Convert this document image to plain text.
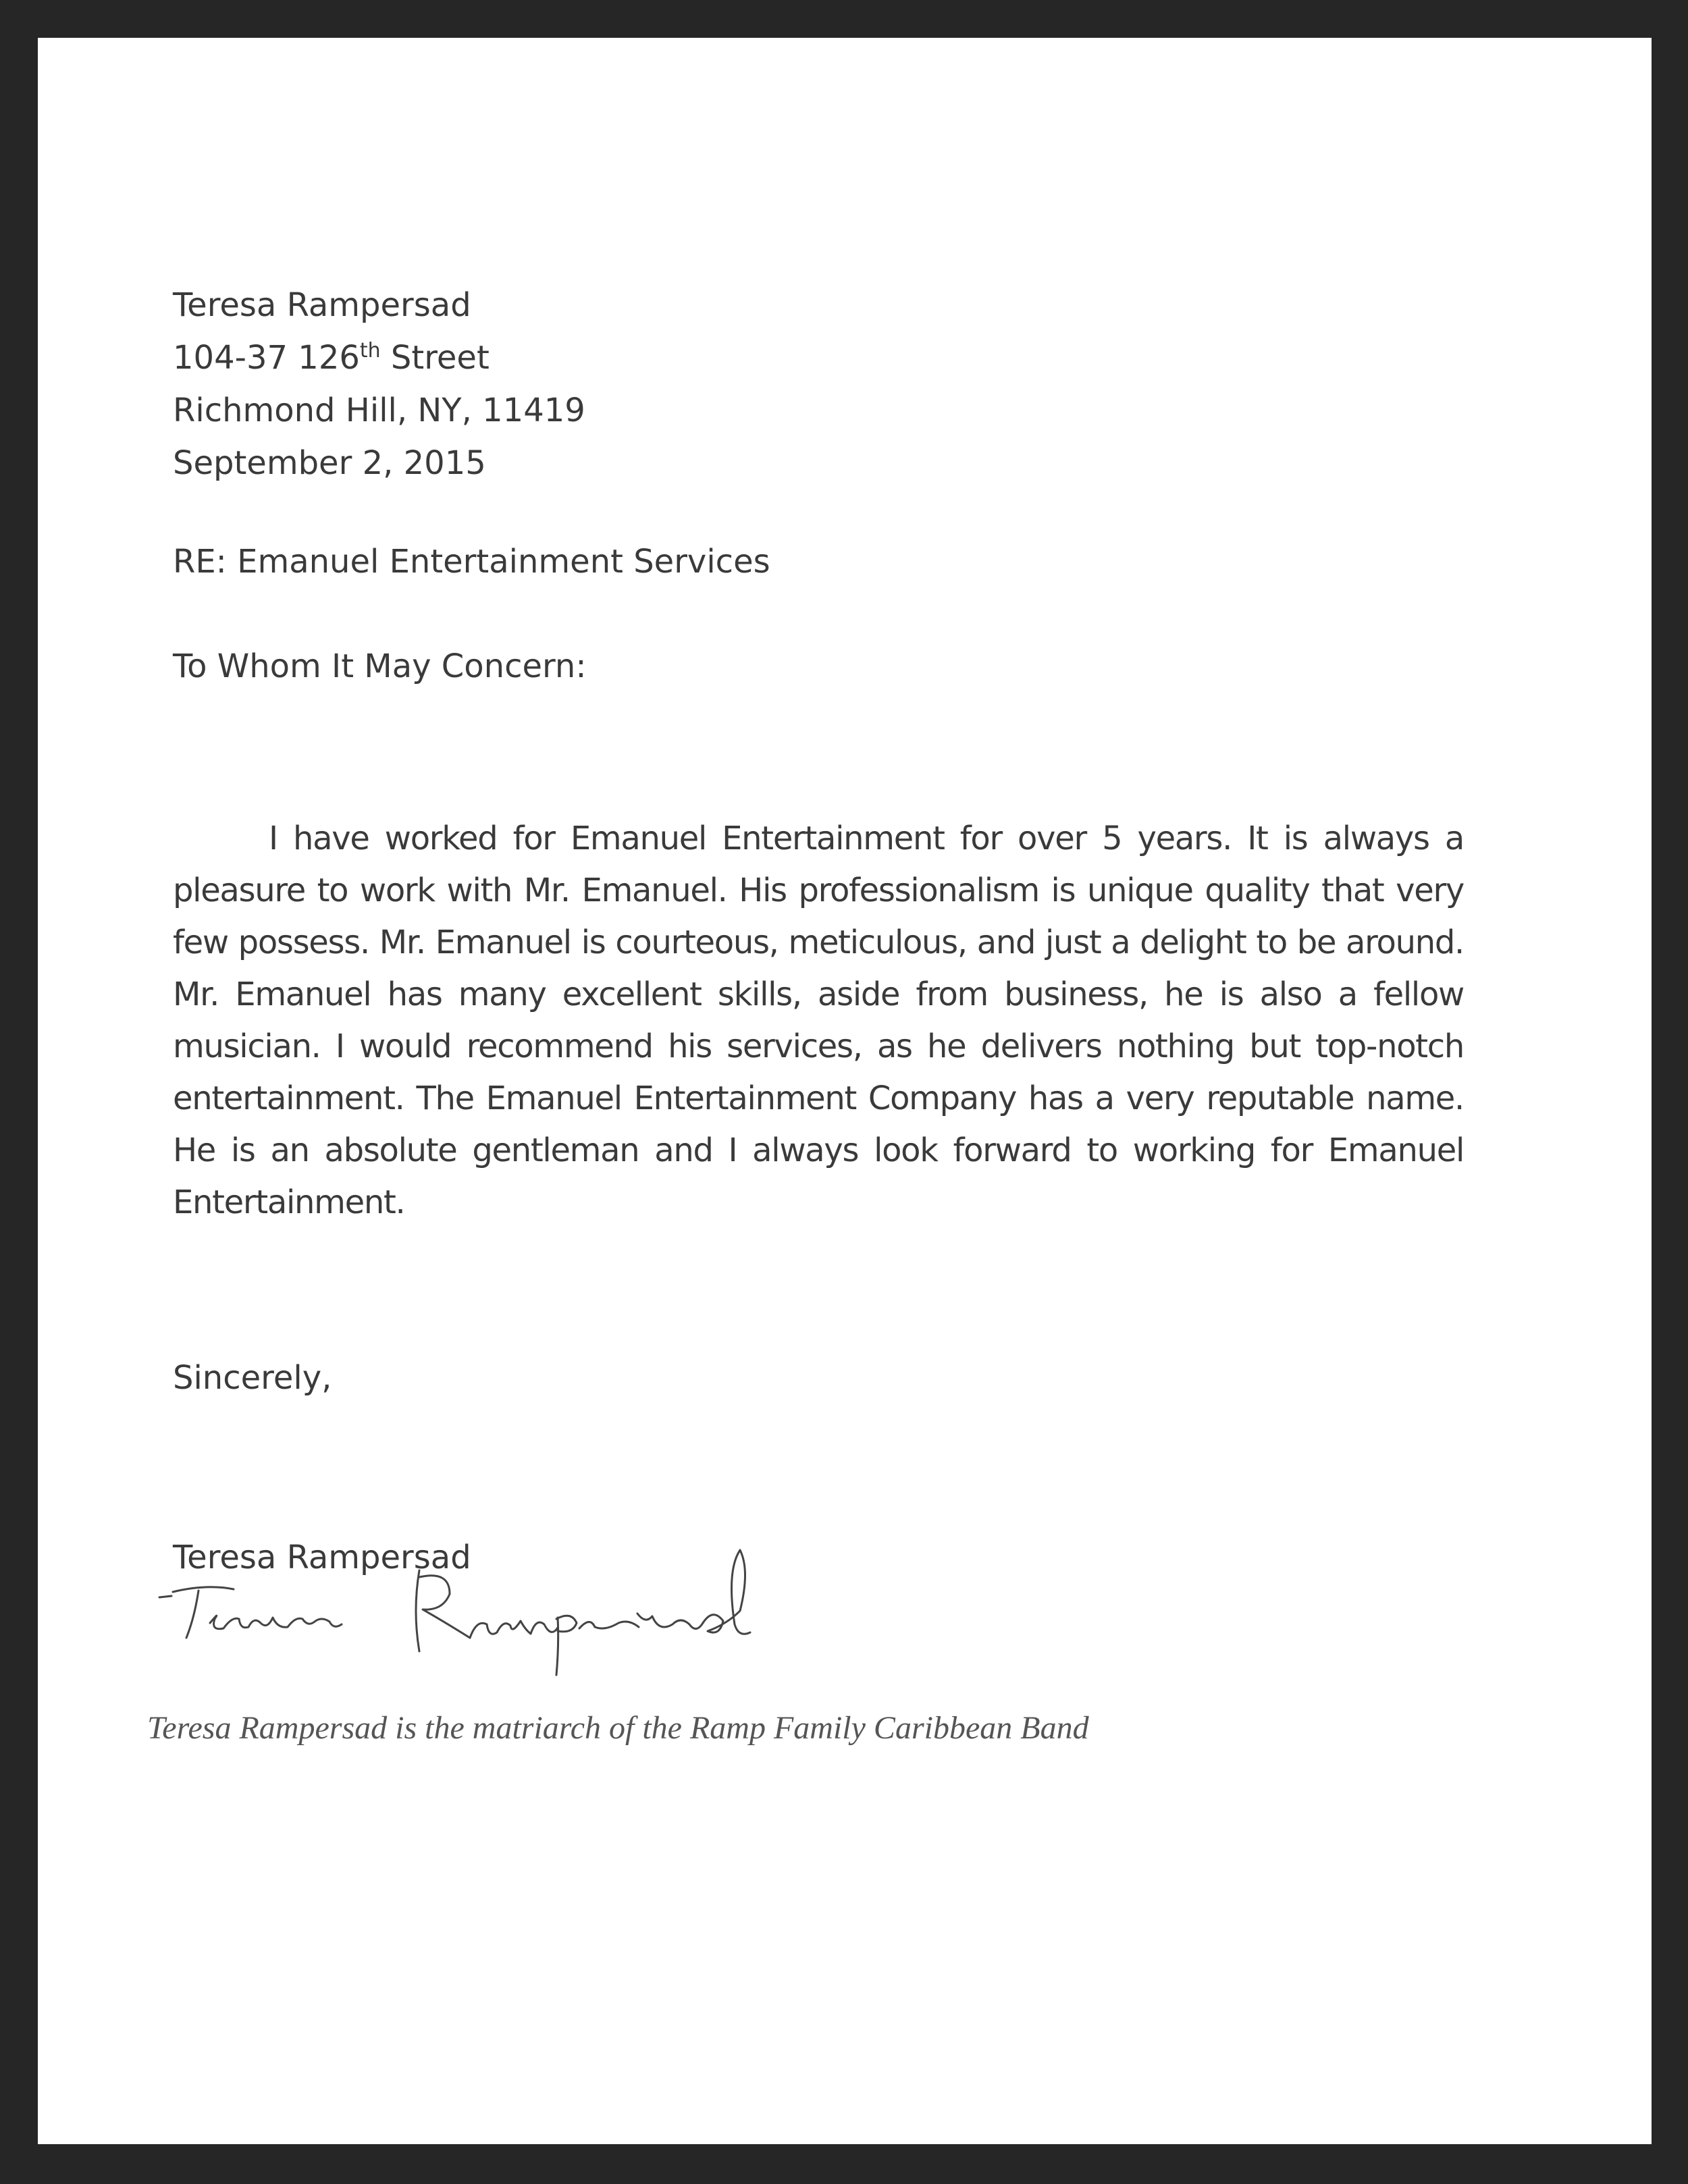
Teresa Rampersad
104-37 126th Street
Richmond Hill, NY, 11419
September 2, 2015
RE: Emanuel Entertainment Services
To Whom It May Concern:
I have worked for Emanuel Entertainment for over 5 years. It is always a pleasure to work with Mr. Emanuel. His professionalism is unique quality that very few possess. Mr. Emanuel is courteous, meticulous, and just a delight to be around. Mr. Emanuel has many excellent skills, aside from business, he is also a fellow musician. I would recommend his services, as he delivers nothing but top-notch entertainment. The Emanuel Entertainment Company has a very reputable name. He is an absolute gentleman and I always look forward to working for Emanuel Entertainment.
Sincerely,
Teresa Rampersad
Teresa Rampersad is the matriarch of the Ramp Family Caribbean Band
